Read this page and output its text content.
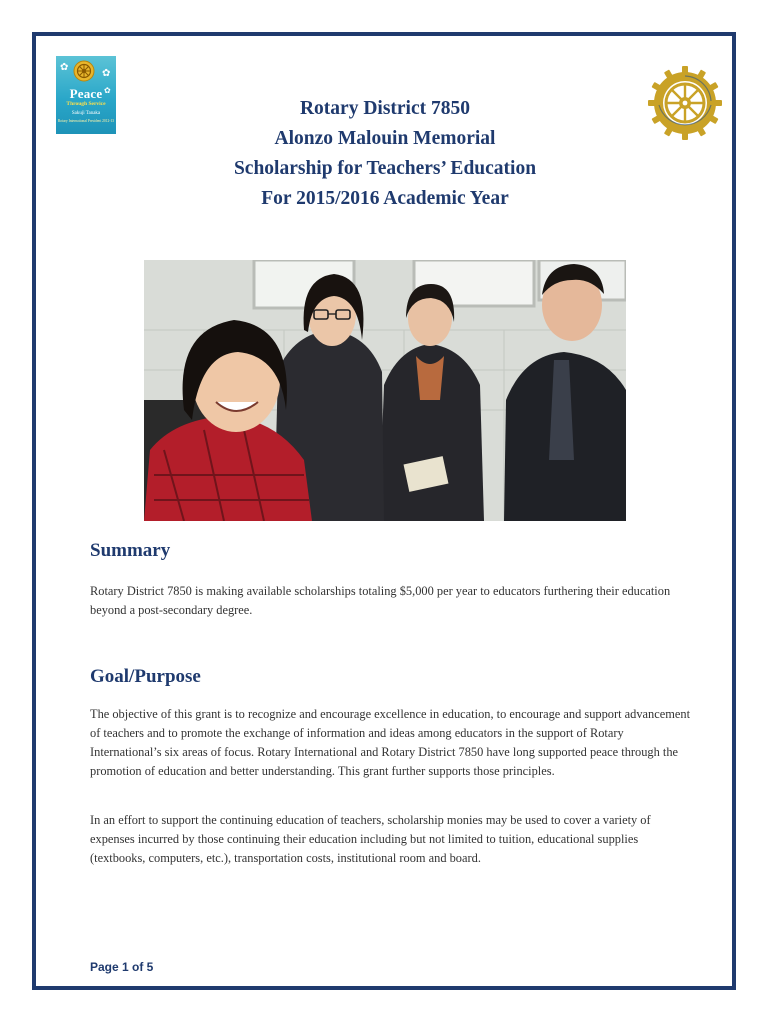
✿
✿
✿
Peace
Through Service
Sakuji Tanaka
Rotary International President 2012-13
Rotary District 7850
Alonzo Malouin Memorial
Scholarship for Teachers’ Education
For 2015/2016 Academic Year
Summary

Rotary District 7850 is making available scholarships totaling $5,000 per year to educators furthering their education beyond a post-secondary degree.

Goal/Purpose

The objective of this grant is to recognize and encourage excellence in education, to encourage and support advancement of teachers and to promote the exchange of information and ideas among educators in the support of Rotary International’s six areas of focus. Rotary International and Rotary District 7850 have long supported peace through the promotion of education and better understanding. This grant further supports those principles.

In an effort to support the continuing education of teachers, scholarship monies may be used to cover a variety of expenses incurred by those continuing their education including but not limited to tuition, educational supplies (textbooks, computers, etc.), transportation costs, institutional room and board.

Page 1 of 5
